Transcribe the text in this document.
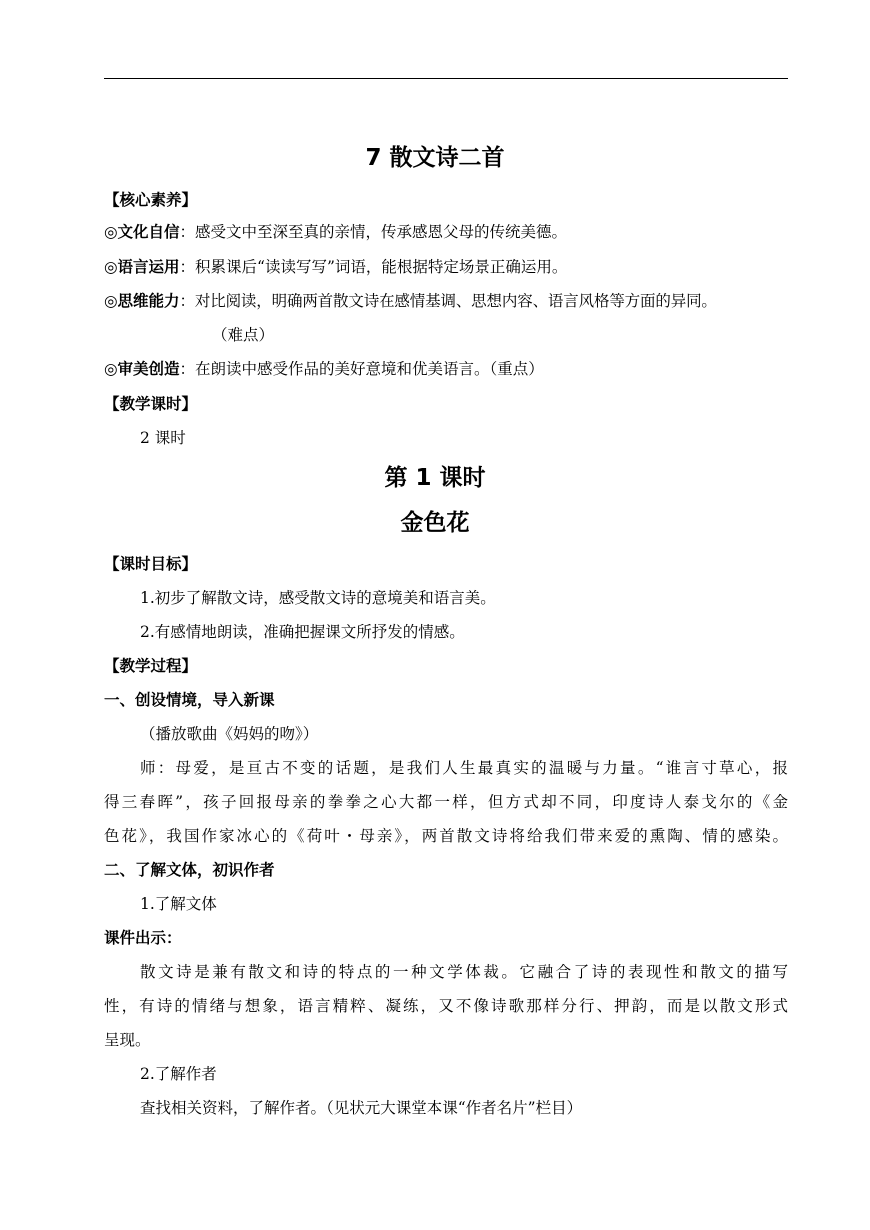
7 散文诗二首
【核心素养】
◎文化自信：感受文中至深至真的亲情，传承感恩父母的传统美德。
◎语言运用：积累课后“读读写写”词语，能根据特定场景正确运用。
◎思维能力：对比阅读，明确两首散文诗在感情基调、思想内容、语言风格等方面的异同。
（难点）
◎审美创造：在朗读中感受作品的美好意境和优美语言。（重点）
【教学课时】
2 课时
第 1 课时
金色花
【课时目标】
1.初步了解散文诗，感受散文诗的意境美和语言美。
2.有感情地朗读，准确把握课文所抒发的情感。
【教学过程】
一、创设情境，导入新课
（播放歌曲《妈妈的吻》）
师：母爱，是亘古不变的话题，是我们人生最真实的温暖与力量。“谁言寸草心，报
得三春晖”，孩子回报母亲的拳拳之心大都一样，但方式却不同，印度诗人泰戈尔的《金
色花》，我国作家冰心的《荷叶・母亲》，两首散文诗将给我们带来爱的熏陶、情的感染。
二、了解文体，初识作者
1.了解文体
课件出示：
散文诗是兼有散文和诗的特点的一种文学体裁。它融合了诗的表现性和散文的描写
性，有诗的情绪与想象，语言精粹、凝练，又不像诗歌那样分行、押韵，而是以散文形式
呈现。
2.了解作者
查找相关资料，了解作者。（见状元大课堂本课“作者名片”栏目）
